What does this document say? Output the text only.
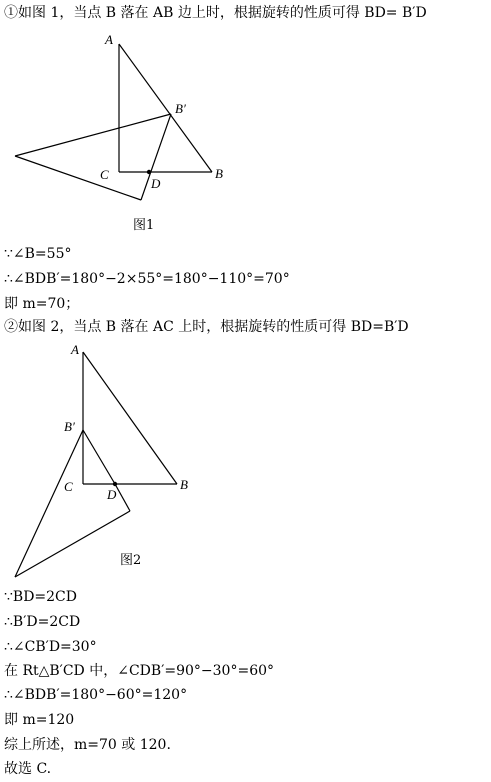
①如图 1，当点 B 落在 AB 边上时，根据旋转的性质可得 BD= B′D
A
B′
B
C
D
A
B′
B
C
D
图1
∵∠B=55°
∴∠BDB′=180°−2×55°=180°−110°=70°
即 m=70；
②如图 2，当点 B 落在 AC 上时，根据旋转的性质可得 BD=B′D
图2
∵BD=2CD
∴B′D=2CD
∴∠CB′D=30°
在 Rt△B′CD 中，∠CDB′=90°−30°=60°
∴∠BDB′=180°−60°=120°
即 m=120
综上所述，m=70 或 120.
故选 C.
